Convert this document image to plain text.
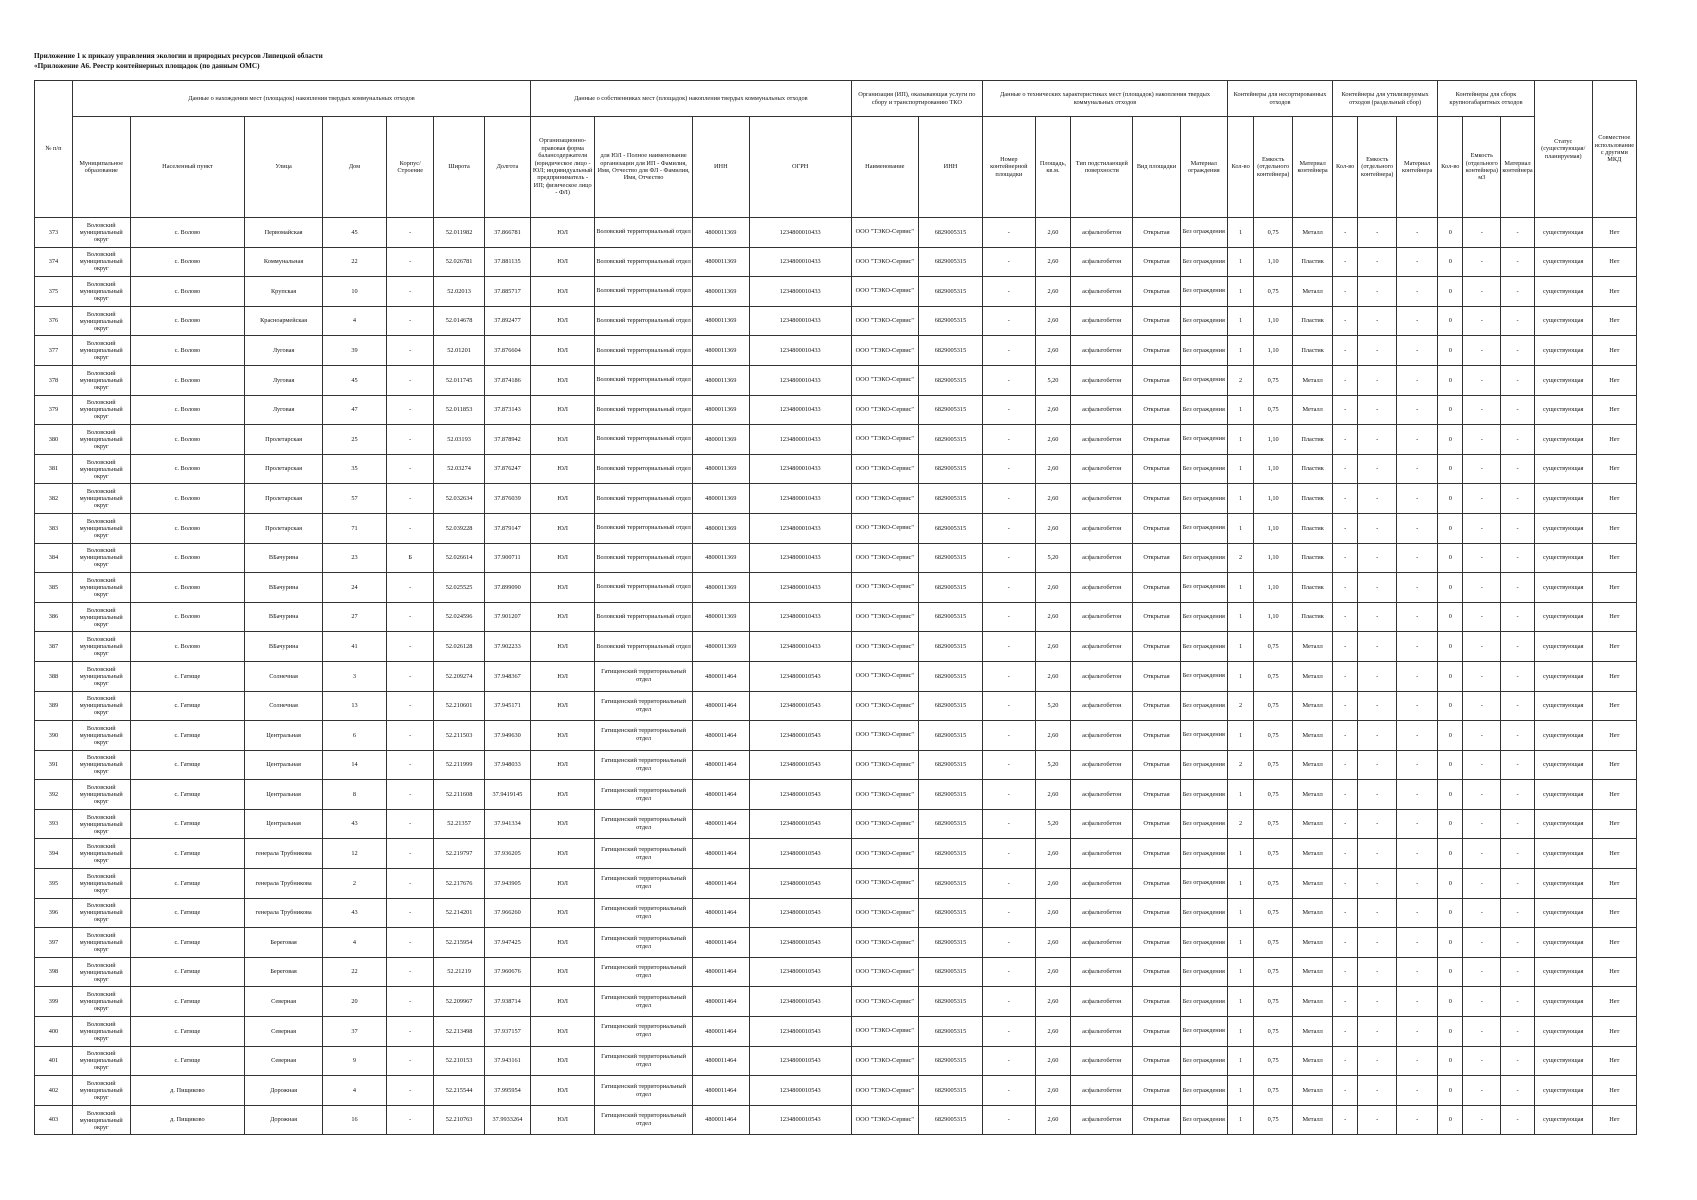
Приложение 1 к приказу управления экологии и природных ресурсов Липецкой области
«Приложение А6. Реестр контейнерных площадок (по данным ОМС)
№ п/п	Данные о нахождении мест (площадок) накопления твердых коммунальных отходов							Данные о собственниках мест (площадок) накопления твердых коммунальных отходов				Организация (ИП), оказывающая услуги по сбору и транспортированию ТКО		Данные о технических характеристиках мест (площадок) накопления твердых коммунальных отходов					Контейнеры для несортированных отходов			Контейнеры для утилизируемых отходов (раздельный сбор)			Контейнеры для сборк крупногабаритных отходов			Статус (существующая/ планируемая)	Совместное использование с другими МКД
	Муниципальное образование	Населенный пункт	Улица	Дом	Корпус/Строение	Широта	Долгота	Организационно-правовая форма балансодержателя (юридическое лицо - ЮЛ; индивидуальный предприниматель - ИП; физическое лицо - ФЛ)	для ЮЛ - Полное наименование организации для ИП - Фамилия, Имя, Отчество для ФЛ - Фамилия, Имя, Отчество	ИНН	ОГРН	Наименование	ИНН	Номер контейнерной площадки	Площадь, кв.м.	Тип подстилающей поверхности	Вид площадки	Материал ограждения	Кол-во	Емкость (отдельного контейнера)	Материал контейнера	Кол-во	Емкость (отдельного контейнера)	Материал контейнера	Кол-во	Емкость (отдельного контейнера) м3	Материал контейнера		
373	Воловский муниципальный округ	с. Волово	Первомайская	45	-	52.011982	37.866781	ЮЛ	Воловский территориальный отдел	4800011369	1234800010433	ООО "ТЭКО-Сервис"	6829005315	-	2,60	асфальтобетон	Открытая	Без ограждения	1	0,75	Металл	-	-	-	0	-	-	существующая	Нет
374	Воловский муниципальный округ	с. Волово	Коммунальная	22	-	52.026781	37.881135	ЮЛ	Воловский территориальный отдел	4800011369	1234800010433	ООО "ТЭКО-Сервис"	6829005315	-	2,60	асфальтобетон	Открытая	Без ограждения	1	1,10	Пластик	-	-	-	0	-	-	существующая	Нет
375	Воловский муниципальный округ	с. Волово	Крупская	10	-	52.02013	37.885717	ЮЛ	Воловский территориальный отдел	4800011369	1234800010433	ООО "ТЭКО-Сервис"	6829005315	-	2,60	асфальтобетон	Открытая	Без ограждения	1	0,75	Металл	-	-	-	0	-	-	существующая	Нет
376	Воловский муниципальный округ	с. Волово	Красноармейская	4	-	52.014678	37.892477	ЮЛ	Воловский территориальный отдел	4800011369	1234800010433	ООО "ТЭКО-Сервис"	6829005315	-	2,60	асфальтобетон	Открытая	Без ограждения	1	1,10	Пластик	-	-	-	0	-	-	существующая	Нет
377	Воловский муниципальный округ	с. Волово	Луговая	39	-	52.01201	37.876604	ЮЛ	Воловский территориальный отдел	4800011369	1234800010433	ООО "ТЭКО-Сервис"	6829005315	-	2,60	асфальтобетон	Открытая	Без ограждения	1	1,10	Пластик	-	-	-	0	-	-	существующая	Нет
378	Воловский муниципальный округ	с. Волово	Луговая	45	-	52.011745	37.874186	ЮЛ	Воловский территориальный отдел	4800011369	1234800010433	ООО "ТЭКО-Сервис"	6829005315	-	5,20	асфальтобетон	Открытая	Без ограждения	2	0,75	Металл	-	-	-	0	-	-	существующая	Нет
379	Воловский муниципальный округ	с. Волово	Луговая	47	-	52.011853	37.873143	ЮЛ	Воловский территориальный отдел	4800011369	1234800010433	ООО "ТЭКО-Сервис"	6829005315	-	2,60	асфальтобетон	Открытая	Без ограждения	1	0,75	Металл	-	-	-	0	-	-	существующая	Нет
380	Воловский муниципальный округ	с. Волово	Пролетарская	25	-	52.03193	37.878942	ЮЛ	Воловский территориальный отдел	4800011369	1234800010433	ООО "ТЭКО-Сервис"	6829005315	-	2,60	асфальтобетон	Открытая	Без ограждения	1	1,10	Пластик	-	-	-	0	-	-	существующая	Нет
381	Воловский муниципальный округ	с. Волово	Пролетарская	35	-	52.03274	37.876247	ЮЛ	Воловский территориальный отдел	4800011369	1234800010433	ООО "ТЭКО-Сервис"	6829005315	-	2,60	асфальтобетон	Открытая	Без ограждения	1	1,10	Пластик	-	-	-	0	-	-	существующая	Нет
382	Воловский муниципальный округ	с. Волово	Пролетарская	57	-	52.032634	37.876039	ЮЛ	Воловский территориальный отдел	4800011369	1234800010433	ООО "ТЭКО-Сервис"	6829005315	-	2,60	асфальтобетон	Открытая	Без ограждения	1	1,10	Пластик	-	-	-	0	-	-	существующая	Нет
383	Воловский муниципальный округ	с. Волово	Пролетарская	71	-	52.039228	37.879147	ЮЛ	Воловский территориальный отдел	4800011369	1234800010433	ООО "ТЭКО-Сервис"	6829005315	-	2,60	асфальтобетон	Открытая	Без ограждения	1	1,10	Пластик	-	-	-	0	-	-	существующая	Нет
384	Воловский муниципальный округ	с. Волово	ВБачурина	23	Б	52.026614	37.900711	ЮЛ	Воловский территориальный отдел	4800011369	1234800010433	ООО "ТЭКО-Сервис"	6829005315	-	5,20	асфальтобетон	Открытая	Без ограждения	2	1,10	Пластик	-	-	-	0	-	-	существующая	Нет
385	Воловский муниципальный округ	с. Волово	ВБачурина	24	-	52.025525	37.899090	ЮЛ	Воловский территориальный отдел	4800011369	1234800010433	ООО "ТЭКО-Сервис"	6829005315	-	2,60	асфальтобетон	Открытая	Без ограждения	1	1,10	Пластик	-	-	-	0	-	-	существующая	Нет
386	Воловский муниципальный округ	с. Волово	ВБачурина	27	-	52.024596	37.901207	ЮЛ	Воловский территориальный отдел	4800011369	1234800010433	ООО "ТЭКО-Сервис"	6829005315	-	2,60	асфальтобетон	Открытая	Без ограждения	1	1,10	Пластик	-	-	-	0	-	-	существующая	Нет
387	Воловский муниципальный округ	с. Волово	ВБачурина	41	-	52.026128	37.902233	ЮЛ	Воловский территориальный отдел	4800011369	1234800010433	ООО "ТЭКО-Сервис"	6829005315	-	2,60	асфальтобетон	Открытая	Без ограждения	1	0,75	Металл	-	-	-	0	-	-	существующая	Нет
388	Воловский муниципальный округ	с. Гатище	Солнечная	3	-	52.209274	37.948367	ЮЛ	Гатищенский территориальный отдел	4800011464	1234800010543	ООО "ТЭКО-Сервис"	6829005315	-	2,60	асфальтобетон	Открытая	Без ограждения	1	0,75	Металл	-	-	-	0	-	-	существующая	Нет
389	Воловский муниципальный округ	с. Гатище	Солнечная	13	-	52.210601	37.945171	ЮЛ	Гатищенский территориальный отдел	4800011464	1234800010543	ООО "ТЭКО-Сервис"	6829005315	-	5,20	асфальтобетон	Открытая	Без ограждения	2	0,75	Металл	-	-	-	0	-	-	существующая	Нет
390	Воловский муниципальный округ	с. Гатище	Центральная	6	-	52.211503	37.949630	ЮЛ	Гатищенский территориальный отдел	4800011464	1234800010543	ООО "ТЭКО-Сервис"	6829005315	-	2,60	асфальтобетон	Открытая	Без ограждения	1	0,75	Металл	-	-	-	0	-	-	существующая	Нет
391	Воловский муниципальный округ	с. Гатище	Центральная	14	-	52.211999	37.948033	ЮЛ	Гатищенский территориальный отдел	4800011464	1234800010543	ООО "ТЭКО-Сервис"	6829005315	-	5,20	асфальтобетон	Открытая	Без ограждения	2	0,75	Металл	-	-	-	0	-	-	существующая	Нет
392	Воловский муниципальный округ	с. Гатище	Центральная	8	-	52.211608	37.9419145	ЮЛ	Гатищенский территориальный отдел	4800011464	1234800010543	ООО "ТЭКО-Сервис"	6829005315	-	2,60	асфальтобетон	Открытая	Без ограждения	1	0,75	Металл	-	-	-	0	-	-	существующая	Нет
393	Воловский муниципальный округ	с. Гатище	Центральная	43	-	52.21357	37.941334	ЮЛ	Гатищенский территориальный отдел	4800011464	1234800010543	ООО "ТЭКО-Сервис"	6829005315	-	5,20	асфальтобетон	Открытая	Без ограждения	2	0,75	Металл	-	-	-	0	-	-	существующая	Нет
394	Воловский муниципальный округ	с. Гатище	генерала Трубникова	12	-	52.219797	37.936205	ЮЛ	Гатищенский территориальный отдел	4800011464	1234800010543	ООО "ТЭКО-Сервис"	6829005315	-	2,60	асфальтобетон	Открытая	Без ограждения	1	0,75	Металл	-	-	-	0	-	-	существующая	Нет
395	Воловский муниципальный округ	с. Гатище	генерала Трубникова	2	-	52.217676	37.943905	ЮЛ	Гатищенский территориальный отдел	4800011464	1234800010543	ООО "ТЭКО-Сервис"	6829005315	-	2,60	асфальтобетон	Открытая	Без ограждения	1	0,75	Металл	-	-	-	0	-	-	существующая	Нет
396	Воловский муниципальный округ	с. Гатище	генерала Трубникова	43	-	52.214201	37.966260	ЮЛ	Гатищенский территориальный отдел	4800011464	1234800010543	ООО "ТЭКО-Сервис"	6829005315	-	2,60	асфальтобетон	Открытая	Без ограждения	1	0,75	Металл	-	-	-	0	-	-	существующая	Нет
397	Воловский муниципальный округ	с. Гатище	Береговая	4	-	52.215954	37.947425	ЮЛ	Гатищенский территориальный отдел	4800011464	1234800010543	ООО "ТЭКО-Сервис"	6829005315	-	2,60	асфальтобетон	Открытая	Без ограждения	1	0,75	Металл	-	-	-	0	-	-	существующая	Нет
398	Воловский муниципальный округ	с. Гатище	Береговая	22	-	52.21219	37.960676	ЮЛ	Гатищенский территориальный отдел	4800011464	1234800010543	ООО "ТЭКО-Сервис"	6829005315	-	2,60	асфальтобетон	Открытая	Без ограждения	1	0,75	Металл	-	-	-	0	-	-	существующая	Нет
399	Воловский муниципальный округ	с. Гатище	Северная	20	-	52.209967	37.938714	ЮЛ	Гатищенский территориальный отдел	4800011464	1234800010543	ООО "ТЭКО-Сервис"	6829005315	-	2,60	асфальтобетон	Открытая	Без ограждения	1	0,75	Металл	-	-	-	0	-	-	существующая	Нет
400	Воловский муниципальный округ	с. Гатище	Северная	37	-	52.213498	37.937157	ЮЛ	Гатищенский территориальный отдел	4800011464	1234800010543	ООО "ТЭКО-Сервис"	6829005315	-	2,60	асфальтобетон	Открытая	Без ограждения	1	0,75	Металл	-	-	-	0	-	-	существующая	Нет
401	Воловский муниципальный округ	с. Гатище	Северная	9	-	52.210153	37.943161	ЮЛ	Гатищенский территориальный отдел	4800011464	1234800010543	ООО "ТЭКО-Сервис"	6829005315	-	2,60	асфальтобетон	Открытая	Без ограждения	1	0,75	Металл	-	-	-	0	-	-	существующая	Нет
402	Воловский муниципальный округ	д. Пищиково	Дорожная	4	-	52.215544	37.995954	ЮЛ	Гатищенский территориальный отдел	4800011464	1234800010543	ООО "ТЭКО-Сервис"	6829005315	-	2,60	асфальтобетон	Открытая	Без ограждения	1	0,75	Металл	-	-	-	0	-	-	существующая	Нет
403	Воловский муниципальный округ	д. Пищиково	Дорожная	16	-	52.210763	37.9933264	ЮЛ	Гатищенский территориальный отдел	4800011464	1234800010543	ООО "ТЭКО-Сервис"	6829005315	-	2,60	асфальтобетон	Открытая	Без ограждения	1	0,75	Металл	-	-	-	0	-	-	существующая	Нет
